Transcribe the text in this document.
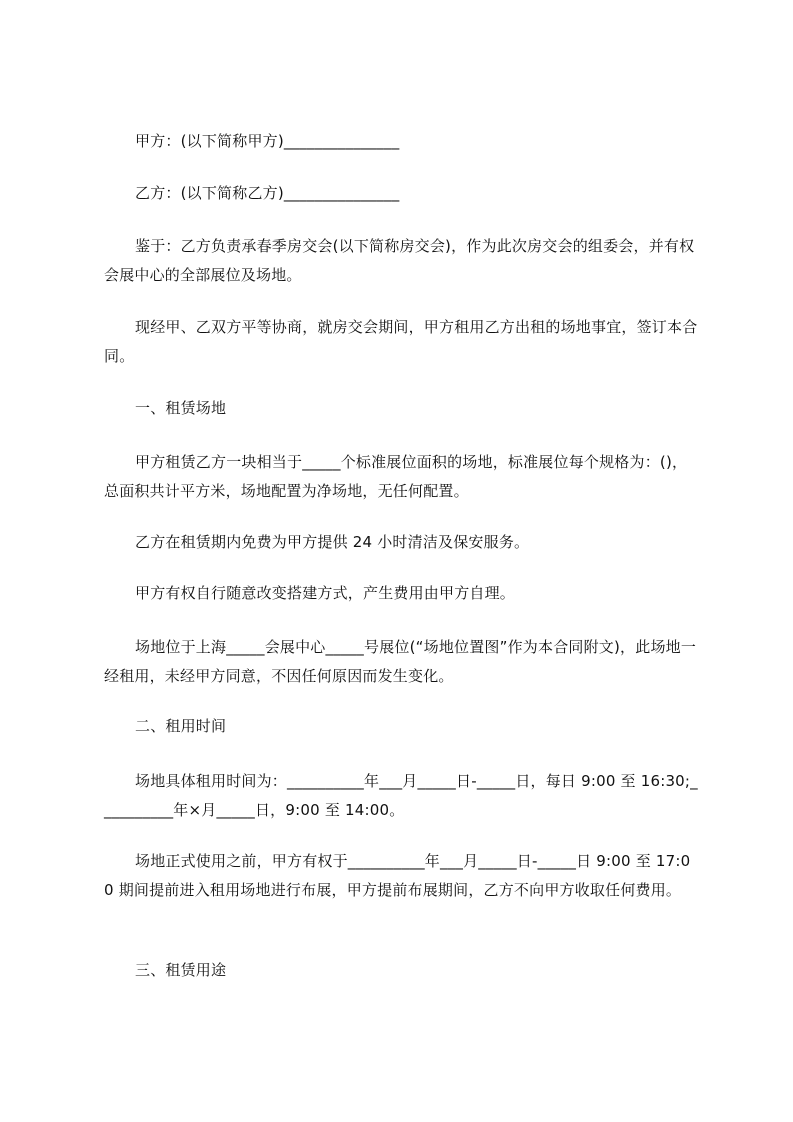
甲方：(以下简称甲方)_______________

乙方：(以下简称乙方)_______________

鉴于：乙方负责承春季房交会(以下简称房交会)，作为此次房交会的组委会，并有权会展中心的全部展位及场地。

现经甲、乙双方平等协商，就房交会期间，甲方租用乙方出租的场地事宜，签订本合同。

一、租赁场地

甲方租赁乙方一块相当于_____个标准展位面积的场地，标准展位每个规格为：()，总面积共计平方米，场地配置为净场地，无任何配置。

乙方在租赁期内免费为甲方提供 24 小时清洁及保安服务。

甲方有权自行随意改变搭建方式，产生费用由甲方自理。

场地位于上海_____会展中心_____号展位(“场地位置图”作为本合同附文)，此场地一经租用，未经甲方同意，不因任何原因而发生变化。

二、租用时间

场地具体租用时间为：__________年___月_____日-_____日，每日 9:00 至 16:30;__________年×月_____日，9:00 至 14:00。

场地正式使用之前，甲方有权于__________年___月_____日-_____日 9:00 至 17:00 期间提前进入租用场地进行布展，甲方提前布展期间，乙方不向甲方收取任何费用。

三、租赁用途
